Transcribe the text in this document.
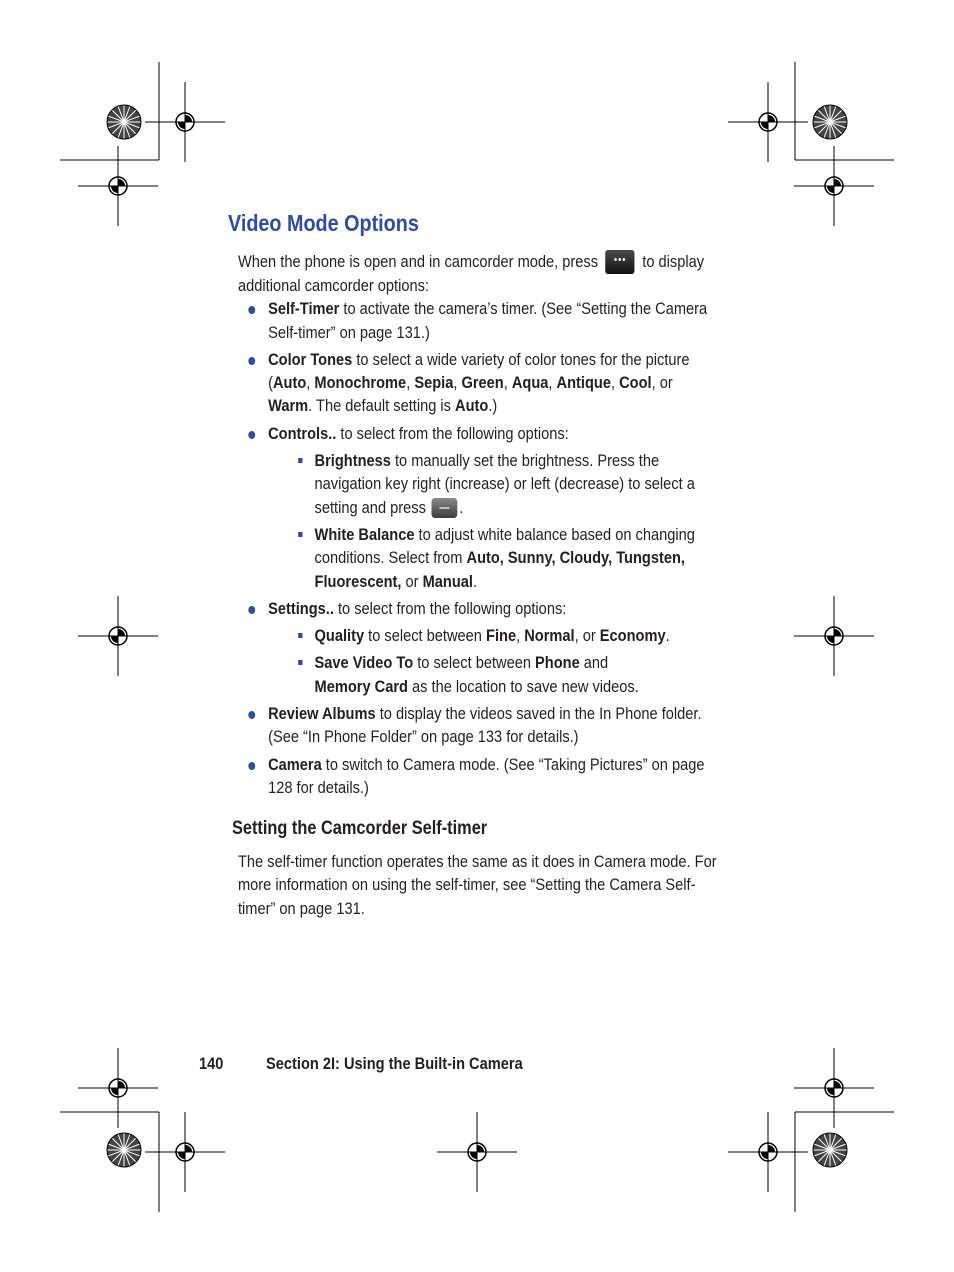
Video Mode Options

When the phone is open and in camcorder mode, press	••• to display additional camcorder options:

Self-Timer to activate the camera’s timer. (See “Setting the Camera Self-timer” on page 131.)
Color Tones to select a wide variety of color tones for the picture (Auto, Monochrome, Sepia, Green, Aqua, Antique, Cool, or Warm. The default setting is Auto.)
Controls.. to select from the following options:
Brightness to manually set the brightness. Press the navigation key right (increase) or left (decrease) to select a setting and press .
White Balance to adjust white balance based on changing conditions. Select from Auto, Sunny, Cloudy, Tungsten, Fluorescent, or Manual.
Settings.. to select from the following options:
Quality to select between Fine, Normal, or Economy.
Save Video To to select between Phone and
Memory Card as the location to save new videos.
Review Albums to display the videos saved in the In Phone folder. (See “In Phone Folder” on page 133 for details.)
Camera to switch to Camera mode. (See “Taking Pictures” on page 128 for details.)
Setting the Camcorder Self-timer

The self-timer function operates the same as it does in Camera mode. For more information on using the self-timer, see “Setting the Camera Self-timer” on page 131.

140	Section 2I: Using the Built-in Camera
